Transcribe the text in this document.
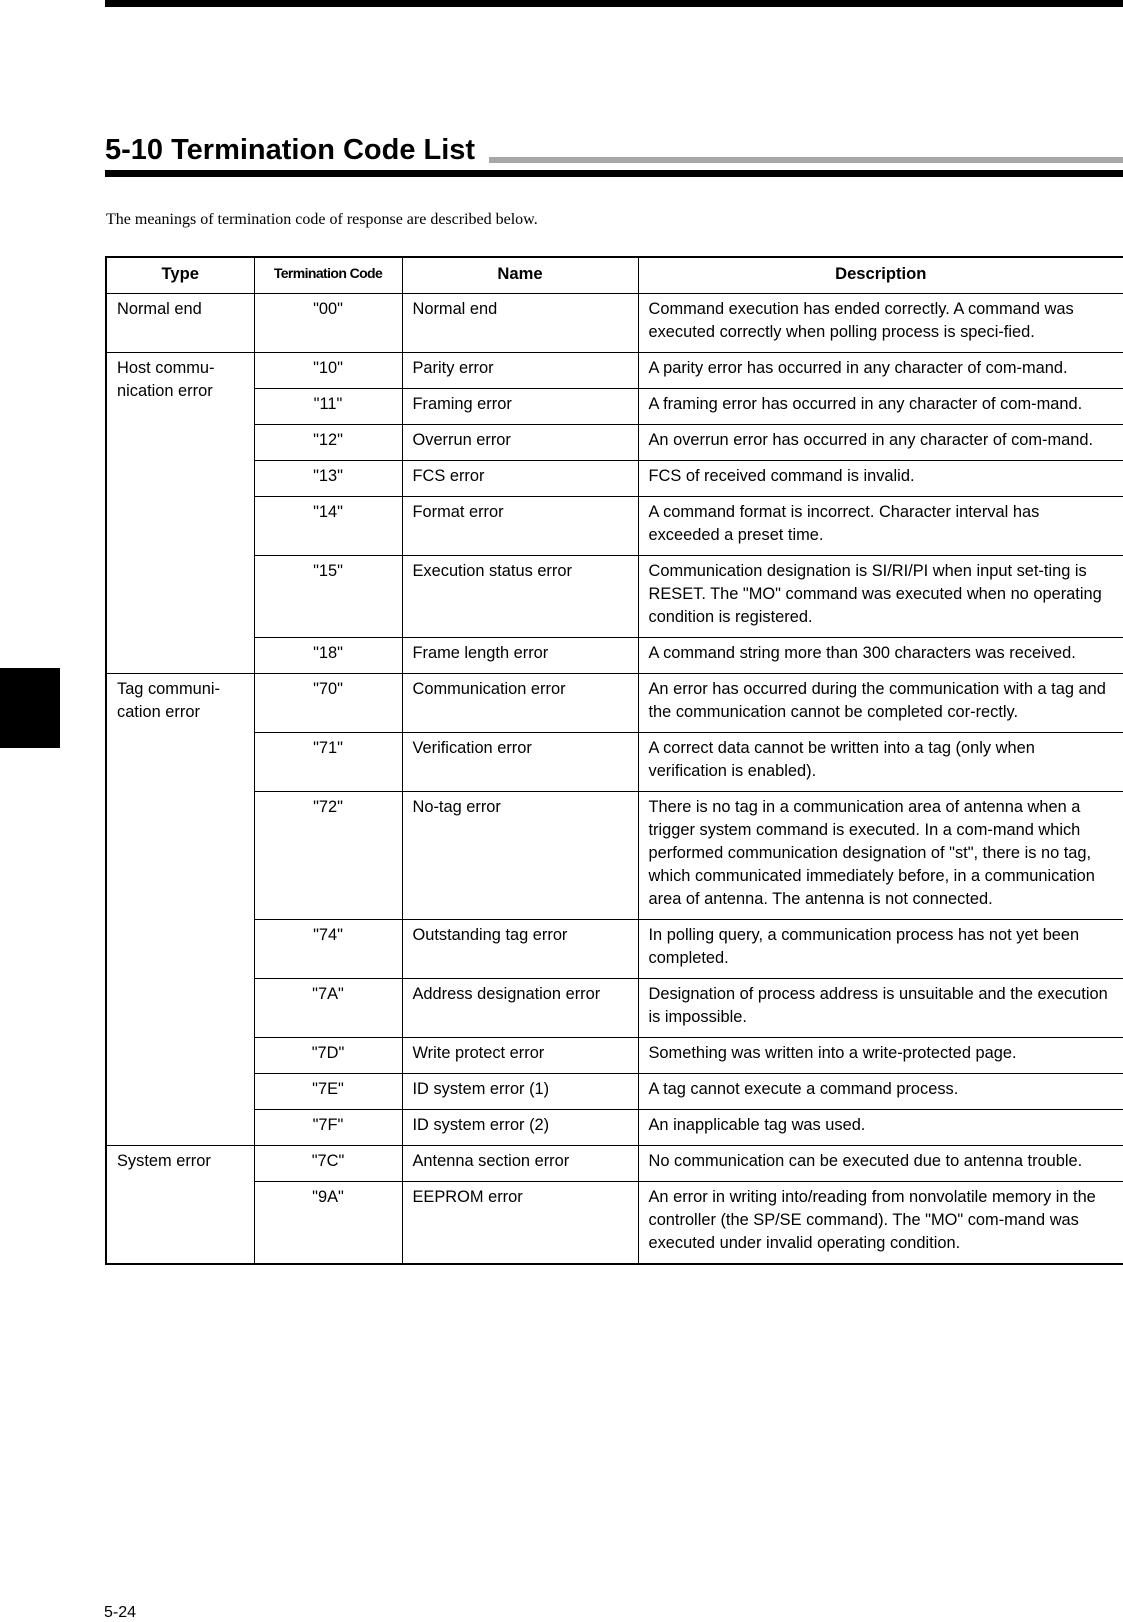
5-10 Termination Code List
The meanings of termination code of response are described below.
Type	Termination Code	Name	Description
Normal end	"00"	Normal end	Command execution has ended correctly. A command was executed correctly when polling process is speci-fied.
Host commu-nication error	"10"	Parity error	A parity error has occurred in any character of com-mand.
	"11"	Framing error	A framing error has occurred in any character of com-mand.
	"12"	Overrun error	An overrun error has occurred in any character of com-mand.
	"13"	FCS error	FCS of received command is invalid.
	"14"	Format error	A command format is incorrect. Character interval has exceeded a preset time.
	"15"	Execution status error	Communication designation is SI/RI/PI when input set-ting is RESET. The "MO" command was executed when no operating condition is registered.
	"18"	Frame length error	A command string more than 300 characters was received.
Tag communi-cation error	"70"	Communication error	An error has occurred during the communication with a tag and the communication cannot be completed cor-rectly.
	"71"	Verification error	A correct data cannot be written into a tag (only when verification is enabled).
	"72"	No-tag error	There is no tag in a communication area of antenna when a trigger system command is executed. In a com-mand which performed communication designation of "st", there is no tag, which communicated immediately before, in a communication area of antenna. The antenna is not connected.
	"74"	Outstanding tag error	In polling query, a communication process has not yet been completed.
	"7A"	Address designation error	Designation of process address is unsuitable and the execution is impossible.
	"7D"	Write protect error	Something was written into a write-protected page.
	"7E"	ID system error (1)	A tag cannot execute a command process.
	"7F"	ID system error (2)	An inapplicable tag was used.
System error	"7C"	Antenna section error	No communication can be executed due to antenna trouble.
	"9A"	EEPROM error	An error in writing into/reading from nonvolatile memory in the controller (the SP/SE command). The "MO" com-mand was executed under invalid operating condition.
5-24
